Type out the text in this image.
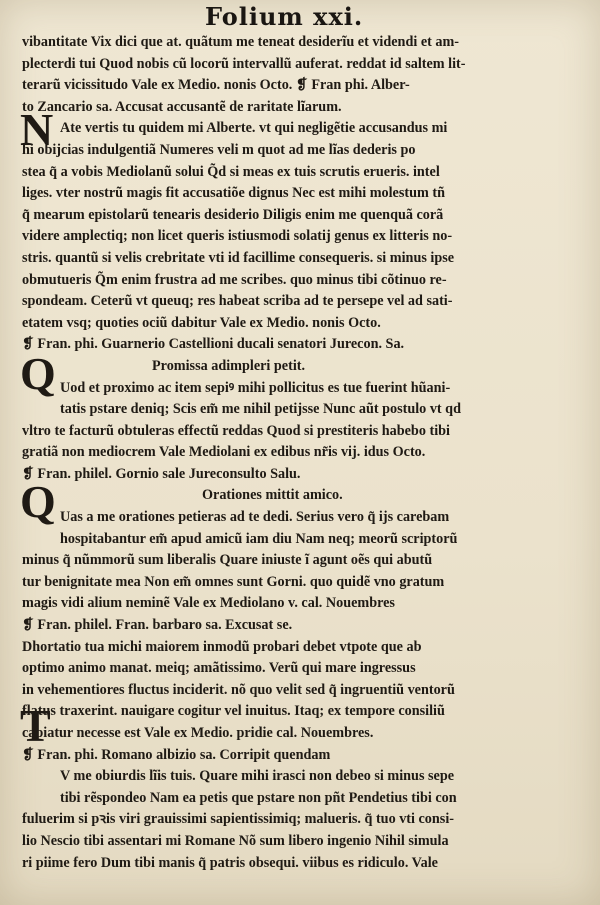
Folium xxi.
N
Q
Q
T
vibantitate Vix dici que at. quãtum me teneat desiderĩu et videndi et am-
plecterdi tui Quod nobis cũ locorũ intervallũ auferat. reddat id saltem lit-
terarũ vicissitudo Vale ex Medio. nonis Octo. ❡ Fran phi. Alber-
to Zancario sa. Accusat accusantẽ de raritate lĩarum.
Ate vertis tu quidem mi Alberte. vt qui negligẽtie accusandus mi
hi obijcias indulgentiã Numeres veli m quot ad me lĩas dederis po
stea q̃ a vobis Mediolanũ solui Q̃d si meas ex tuis scrutis erueris. intel
liges. vter nostrũ magis fit accusatiõe dignus Nec est mihi molestum tñ
q̃ mearum epistolarũ tenearis desiderio Diligis enim me quenquã corã
videre amplectiq; non licet queris istiusmodi solatij genus ex litteris no-
stris. quantũ si velis crebritate vti id facillime consequeris. si minus ipse
obmutueris Q̃m enim frustra ad me scribes. quo minus tibi cõtinuo re-
spondeam. Ceterũ vt queuq; res habeat scriba ad te persepe vel ad sati-
etatem vsq; quoties ociũ dabitur Vale ex Medio. nonis Octo.
❡ Fran. phi. Guarnerio Castellioni ducali senatori Jurecon. Sa.
Promissa adimpleri petit.
Uod et proximo ac item sepiꝰ mihi pollicitus es tue fuerint hũani-
tatis pstare deniq; Scis em̃ me nihil petijsse Nunc aũt postulo vt qd
vltro te facturũ obtuleras effectũ reddas Quod si prestiteris habebo tibi
gratiã non mediocrem Vale Mediolani ex edibus nr̃is vij. idus Octo.
❡ Fran. philel. Gornio sale Jureconsulto Salu.
Orationes mittit amico.
Uas a me orationes petieras ad te dedi. Serius vero q̃ ijs carebam
hospitabantur em̃ apud amicũ iam diu Nam neq; meorũ scriptorũ
minus q̃ nũmmorũ sum liberalis Quare iniuste ĩ agunt oẽs qui abutũ
tur benignitate mea Non em̃ omnes sunt Gorni. quo quidẽ vno gratum
magis vidi alium neminẽ Vale ex Mediolano v. cal. Nouembres
❡ Fran. philel. Fran. barbaro sa. Excusat se.
Dhortatio tua michi maiorem inmodũ probari debet vtpote que ab
optimo animo manat. meiq; amãtissimo. Verũ qui mare ingressus
in vehementiores fluctus inciderit. nõ quo velit sed q̃ ingruentiũ ventorũ
flatus traxerint. nauigare cogitur vel inuitus. Itaq; ex tempore consiliũ
capiatur necesse est Vale ex Medio. pridie cal. Nouembres.
❡ Fran. phi. Romano albizio sa. Corripit quendam
V me obiurdis lĩis tuis. Quare mihi irasci non debeo si minus sepe
tibi rẽspondeo Nam ea petis que pstare non pñt Pendetius tibi con
fuluerim si pꝛis viri grauissimi sapientissimiq; malueris. q̃ tuo vti consi-
lio Nescio tibi assentari mi Romane Nõ sum libero ingenio Nihil simula
ri piime fero Dum tibi manis q̃ patris obsequi. viibus es ridiculo. Vale
